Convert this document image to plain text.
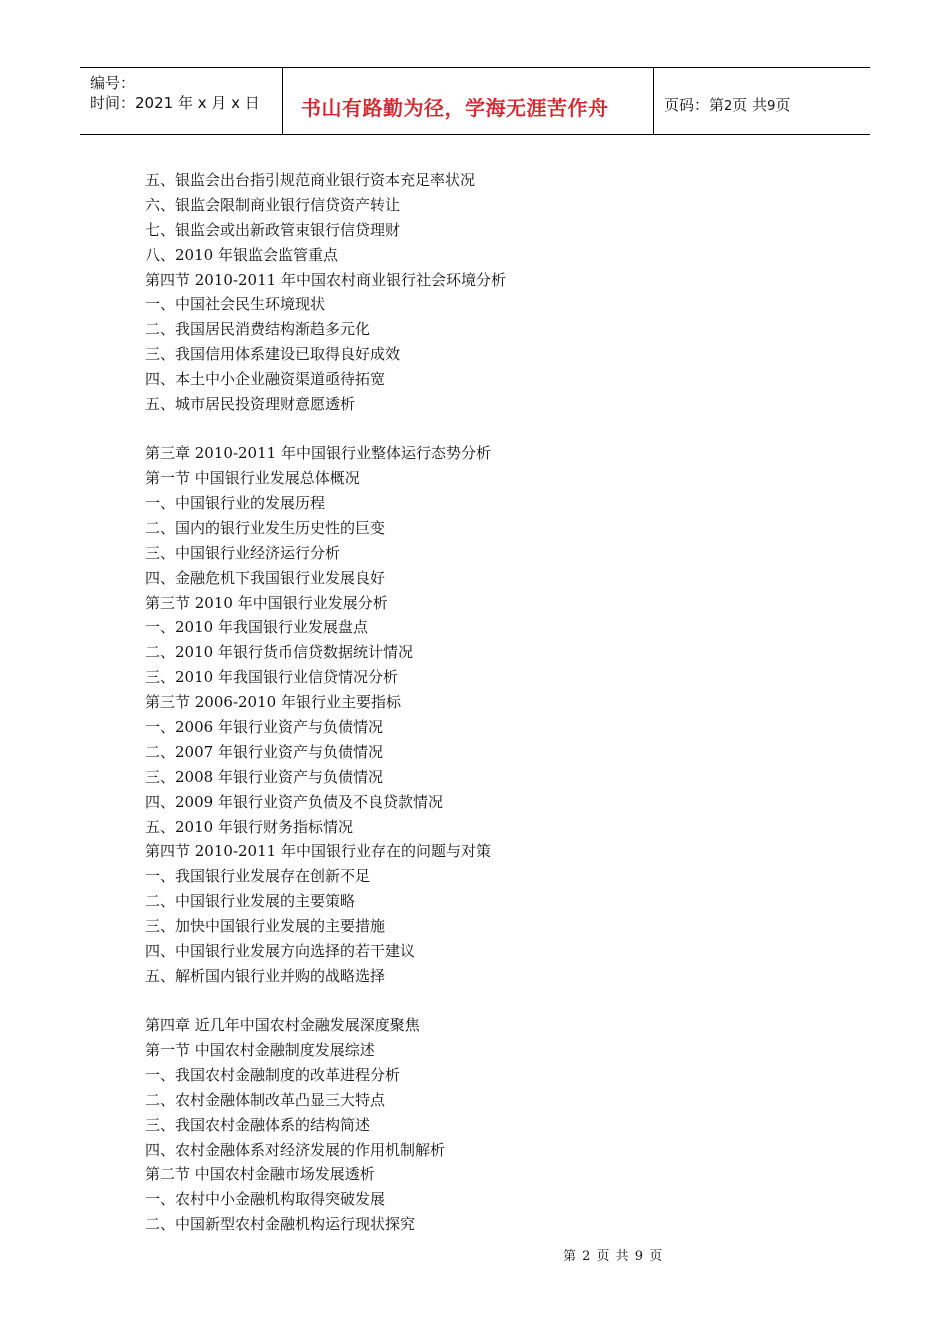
编号：
时间：2021 年 x 月 x 日 书山有路勤为径，学海无涯苦作舟	页码：第2页 共9页
五、银监会出台指引规范商业银行资本充足率状况
六、银监会限制商业银行信贷资产转让
七、银监会或出新政管束银行信贷理财
八、2010 年银监会监管重点
第四节 2010-2011 年中国农村商业银行社会环境分析
一、中国社会民生环境现状
二、我国居民消费结构渐趋多元化
三、我国信用体系建设已取得良好成效
四、本土中小企业融资渠道亟待拓宽
五、城市居民投资理财意愿透析
第三章 2010-2011 年中国银行业整体运行态势分析
第一节 中国银行业发展总体概况
一、中国银行业的发展历程
二、国内的银行业发生历史性的巨变
三、中国银行业经济运行分析
四、金融危机下我国银行业发展良好
第三节 2010 年中国银行业发展分析
一、2010 年我国银行业发展盘点
二、2010 年银行货币信贷数据统计情况
三、2010 年我国银行业信贷情况分析
第三节 2006-2010 年银行业主要指标
一、2006 年银行业资产与负债情况
二、2007 年银行业资产与负债情况
三、2008 年银行业资产与负债情况
四、2009 年银行业资产负债及不良贷款情况
五、2010 年银行财务指标情况
第四节 2010-2011 年中国银行业存在的问题与对策
一、我国银行业发展存在创新不足
二、中国银行业发展的主要策略
三、加快中国银行业发展的主要措施
四、中国银行业发展方向选择的若干建议
五、解析国内银行业并购的战略选择
第四章 近几年中国农村金融发展深度聚焦
第一节 中国农村金融制度发展综述
一、我国农村金融制度的改革进程分析
二、农村金融体制改革凸显三大特点
三、我国农村金融体系的结构简述
四、农村金融体系对经济发展的作用机制解析
第二节 中国农村金融市场发展透析
一、农村中小金融机构取得突破发展
二、中国新型农村金融机构运行现状探究
第 2 页 共 9 页
